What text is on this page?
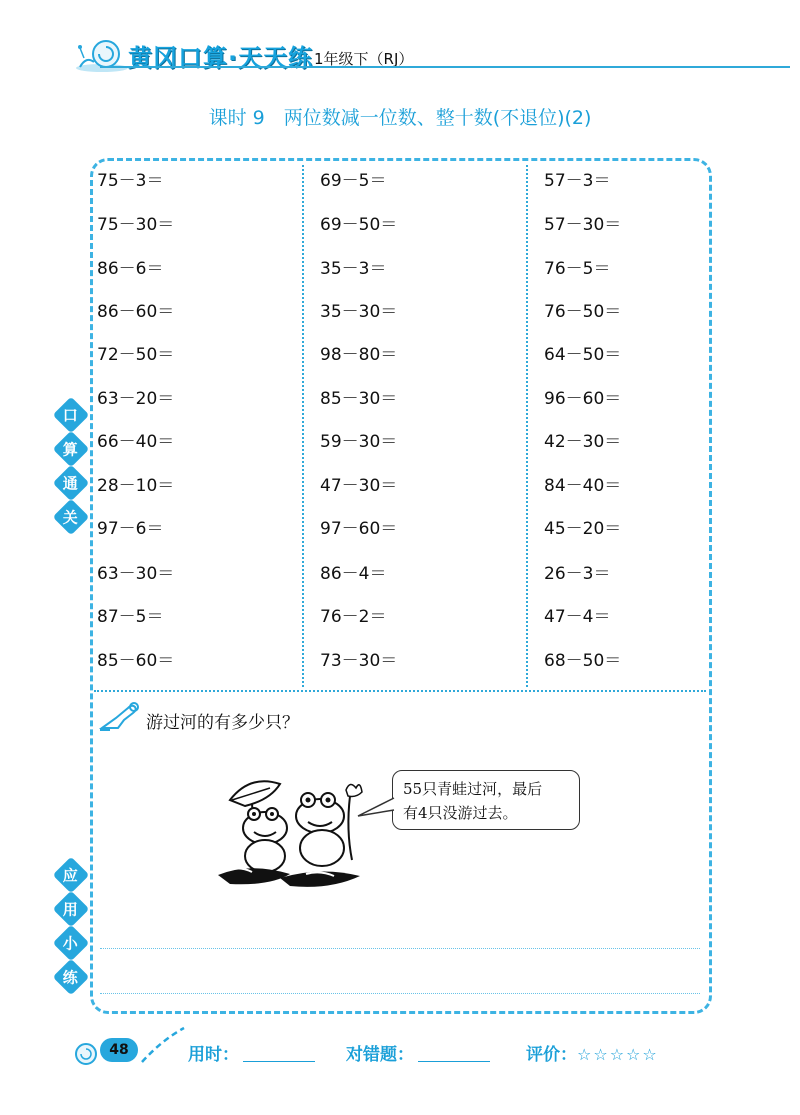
黄冈口算·天天练 1年级下（RJ）
课时 9　两位数减一位数、整十数(不退位)(2)
75－3＝
75－30＝
86－6＝
86－60＝
72－50＝
63－20＝
66－40＝
28－10＝
97－6＝
63－30＝
87－5＝
85－60＝
69－5＝
69－50＝
35－3＝
35－30＝
98－80＝
85－30＝
59－30＝
47－30＝
97－60＝
86－4＝
76－2＝
73－30＝
57－3＝
57－30＝
76－5＝
76－50＝
64－50＝
96－60＝
42－30＝
84－40＝
45－20＝
26－3＝
47－4＝
68－50＝
口
算
通
关
应
用
小
练
游过河的有多少只？
55只青蛙过河，最后
有4只没游过去。
48	用时：	对错题：	评价：☆☆☆☆☆
